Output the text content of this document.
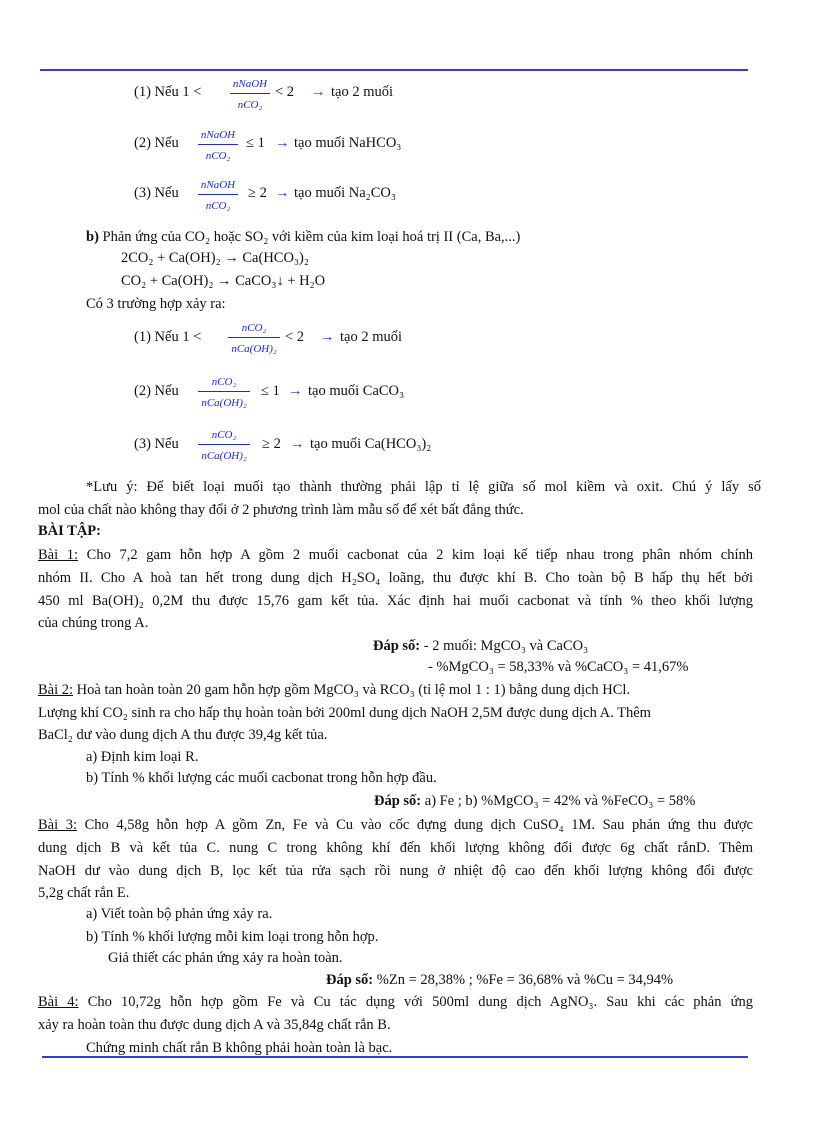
(1) Nếu 1 <	nNaOH
nCO₂
< 2 → tạo 2 muối
(2) Nếu nNaOH
nCO₂
≤ 1 → tạo muối NaHCO₃
(3) Nếu nNaOH
nCO₂
≥ 2 → tạo muối Na₂CO₃
b) Phản ứng của CO₂ hoặc SO₂ với kiềm của kim loại hoá trị II (Ca, Ba,...)
2CO₂ + Ca(OH)₂ → Ca(HCO₃)₂
CO₂ + Ca(OH)₂ → CaCO₃↓ + H₂O
Có 3 trường hợp xảy ra:
(1) Nếu 1 <
nCO₂
nCa(OH)₂
< 2 → tạo 2 muối
(2) Nếu
nCO₂
nCa(OH)₂
≤ 1 → tạo muối CaCO₃
(3) Nếu
nCO₂
nCa(OH)₂
≥ 2 → tạo muối Ca(HCO₃)₂
*Lưu ý: Để biết loại muối tạo thành thường phải lập tỉ lệ giữa số mol kiềm và oxit. Chú ý lấy số
mol của chất nào không thay đổi ở 2 phương trình làm mẫu số để xét bất đẳng thức.
BÀI TẬP:
Bài 1: Cho 7,2 gam hỗn hợp A gồm 2 muối cacbonat của 2 kim loại kế tiếp nhau trong phân nhóm chính
nhóm II. Cho A hoà tan hết trong dung dịch H₂SO₄ loãng, thu được khí B. Cho toàn bộ B hấp thụ hết bởi
450 ml Ba(OH)₂ 0,2M thu được 15,76 gam kết tủa. Xác định hai muối cacbonat và tính % theo khối lượng
của chúng trong A.
Đáp số: - 2 muối: MgCO₃ và CaCO₃
- %MgCO₃ = 58,33% và %CaCO₃ = 41,67%
Bài 2: Hoà tan hoàn toàn 20 gam hỗn hợp gồm MgCO₃ và RCO₃ (tỉ lệ mol 1 : 1) bằng dung dịch HCl.
Lượng khí CO₂ sinh ra cho hấp thụ hoàn toàn bởi 200ml dung dịch NaOH 2,5M được dung dịch A. Thêm
BaCl₂ dư vào dung dịch A thu được 39,4g kết tủa.
a) Định kim loại R.
b) Tính % khối lượng các muối cacbonat trong hỗn hợp đầu.
Đáp số: a) Fe ; b) %MgCO₃ = 42% và %FeCO₃ = 58%
Bài 3: Cho 4,58g hỗn hợp A gồm Zn, Fe và Cu vào cốc đựng dung dịch CuSO₄ 1M. Sau phản ứng thu được
dung dịch B và kết tủa C. nung C trong không khí đến khối lượng không đổi được 6g chất rắnD. Thêm
NaOH dư vào dung dịch B, lọc kết tủa rửa sạch rồi nung ở nhiệt độ cao đến khối lượng không đổi được
5,2g chất rắn E.
a) Viết toàn bộ phản ứng xảy ra.
b) Tính % khối lượng mỗi kim loại trong hỗn hợp.
Giả thiết các phản ứng xảy ra hoàn toàn.
Đáp số: %Zn = 28,38% ; %Fe = 36,68% và %Cu = 34,94%
Bài 4: Cho 10,72g hỗn hợp gồm Fe và Cu tác dụng với 500ml dung dịch AgNO₃. Sau khi các phản ứng
xảy ra hoàn toàn thu được dung dịch A và 35,84g chất rắn B.
Chứng minh chất rắn B không phải hoàn toàn là bạc.
